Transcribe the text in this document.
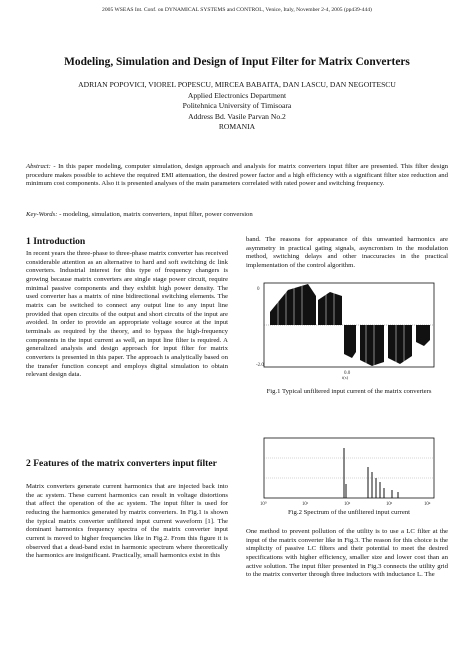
2005 WSEAS Int. Conf. on DYNAMICAL SYSTEMS and CONTROL, Venice, Italy, November 2-4, 2005 (pp439-444)
Modeling, Simulation and Design of Input Filter for Matrix Converters
ADRIAN POPOVICI, VIOREL POPESCU, MIRCEA BABAITA, DAN LASCU, DAN NEGOITESCU
Applied Electronics Department
Politehnica University of Timisoara
Address Bd. Vasile Parvan No.2
ROMANIA
Abstract: - In this paper modeling, computer simulation, design approach and analysis for matrix converters input filter are presented. This filter design procedure makes possible to achieve the required EMI attenuation, the desired power factor and a high efficiency with a significant filter size reduction and minimum cost components. Also it is presented analyses of the main parameters correlated with rated power and switching frequency.
Key-Words: - modeling, simulation, matrix converters, input filter, power conversion
1 Introduction
In recent years the three-phase to three-phase matrix converter has received considerable attention as an alternative to hard and soft switching dc link converters. Industrial interest for this type of frequency changers is growing because matrix converters are single stage power circuit, require minimal passive components and they exhibit high power density. The used converter has a matrix of nine bidirectional switching elements. The matrix can be switched to connect any output line to any input line provided that open circuits of the output and short circuits of the input are avoided. In order to provide an appropriate voltage source at the input terminals as required by the theory, and to bypass the high-frequency components in the input current as well, an input line filter is required. A generalized analysis and design approach for input filter for matrix converters is presented in this paper. The approach is analytically based on the transfer function concept and employs digital simulation to obtain relevant design data.
2 Features of the matrix converters input filter
Matrix converters generate current harmonics that are injected back into the ac system. These current harmonics can result in voltage distortions that affect the operation of the ac system. The input filter is used for reducing the harmonics generated by matrix converters. In Fig.1 is shown the typical matrix converter unfiltered input current waveform [1]. The dominant harmonics frequency spectra of the matrix converter input current is moved to higher frequencies like in Fig.2. From this figure it is observed that a dead-band exist in harmonic spectrum where theoretically the harmonics are insignificant. Practically, small harmonics exist in this
band. The reasons for appearance of this unwanted harmonics are asymmetry in practical gating signals, asyncronism in the modulation method, switching delays and other inaccuracies in the practical implementation of the control algorithm.
0
-2.0
0.0
t(s)
Fig.1 Typical unfiltered input current of the matrix converters
10⁰	10¹	10²	10³	10⁴
Fig.2 Spectrum of the unfiltered input current
One method to prevent pollution of the utility is to use a LC filter at the input of the matrix converter like in Fig.3. The reason for this choice is the simplicity of passive LC filters and their potential to meet the desired specifications with higher efficiency, smaller size and lower cost than an active solution. The input filter presented in Fig.3 connects the utility grid to the matrix converter through three inductors with inductance L. The
